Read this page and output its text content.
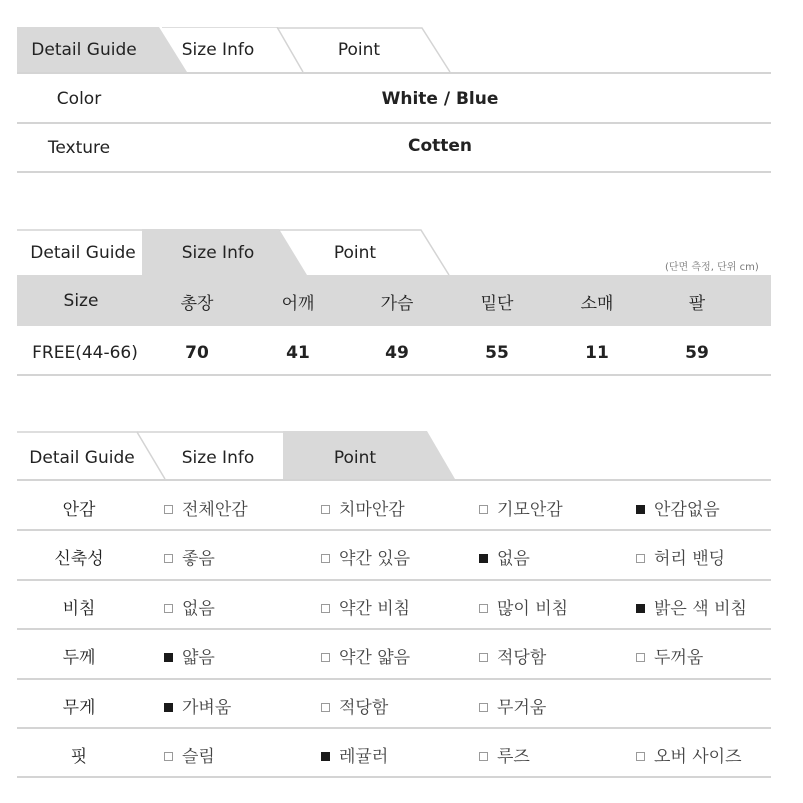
Detail Guide	Size Info	Point
Color	White / Blue
Texture	Cotten
Detail Guide	Size Info	Point
(단면 측정, 단위 cm)
Size	총장	어깨	가슴	밑단	소매	팔
FREE(44-66)	70	41	49	55	11	59
Detail Guide	Size Info	Point
안감	전체안감	치마안감	기모안감	안감없음
신축성	좋음	약간 있음	없음	허리 밴딩
비침	없음	약간 비침	많이 비침	밝은 색 비침
두께	얇음	약간 얇음	적당함	두꺼움
무게	가벼움	적당함	무거움
핏	슬림	레귤러	루즈	오버 사이즈
